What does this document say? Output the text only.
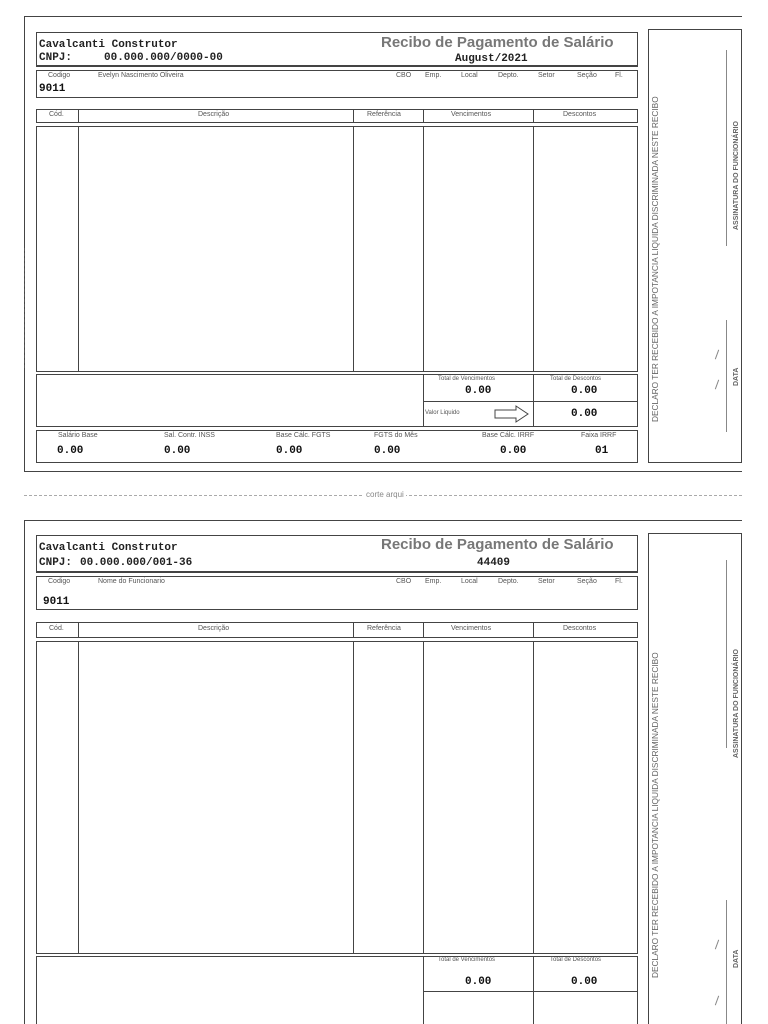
Cavalcanti Construtor
CNPJ:	00.000.000/0000-00
Recibo de Pagamento de Salário
August/2021
Codigo	Evelyn Nascimento Oliveira
9011
CBO Emp.	Local	Depto.	Setor	Seção	Fl.
Cód.	Descrição	Referência	Vencimentos	Descontos
Total de Vencimentos	Total de Descontos
0.00	0.00
Valor Liquido	0.00
Salário Base	Sal. Contr. INSS	Base Cálc. FGTS	FGTS do Mês	Base Cálc. IRRF	Faixa IRRF
0.00	0.00	0.00	0.00	0.00	01
DECLARO TER RECEBIDO A IMPOTANCIA LIQUIDA DISCRIMINADA NESTE RECIBO	ASSINATURA DO FUNCIONÁRIO
DATA
corte arqui
Cavalcanti Construtor
CNPJ: 00.000.000/001-36
Recibo de Pagamento de Salário
44409
Codigo	Nome do Funcionario
9011
CBO Emp.	Local	Depto.	Setor	Seção	Fl.
Cód.	Descrição	Referência	Vencimentos	Descontos
Total de Vencimentos	Total de Descontos
0.00	0.00
DECLARO TER RECEBIDO A IMPOTANCIA LIQUIDA DISCRIMINADA NESTE RECIBO	ASSINATURA DO FUNCIONÁRIO
DATA
